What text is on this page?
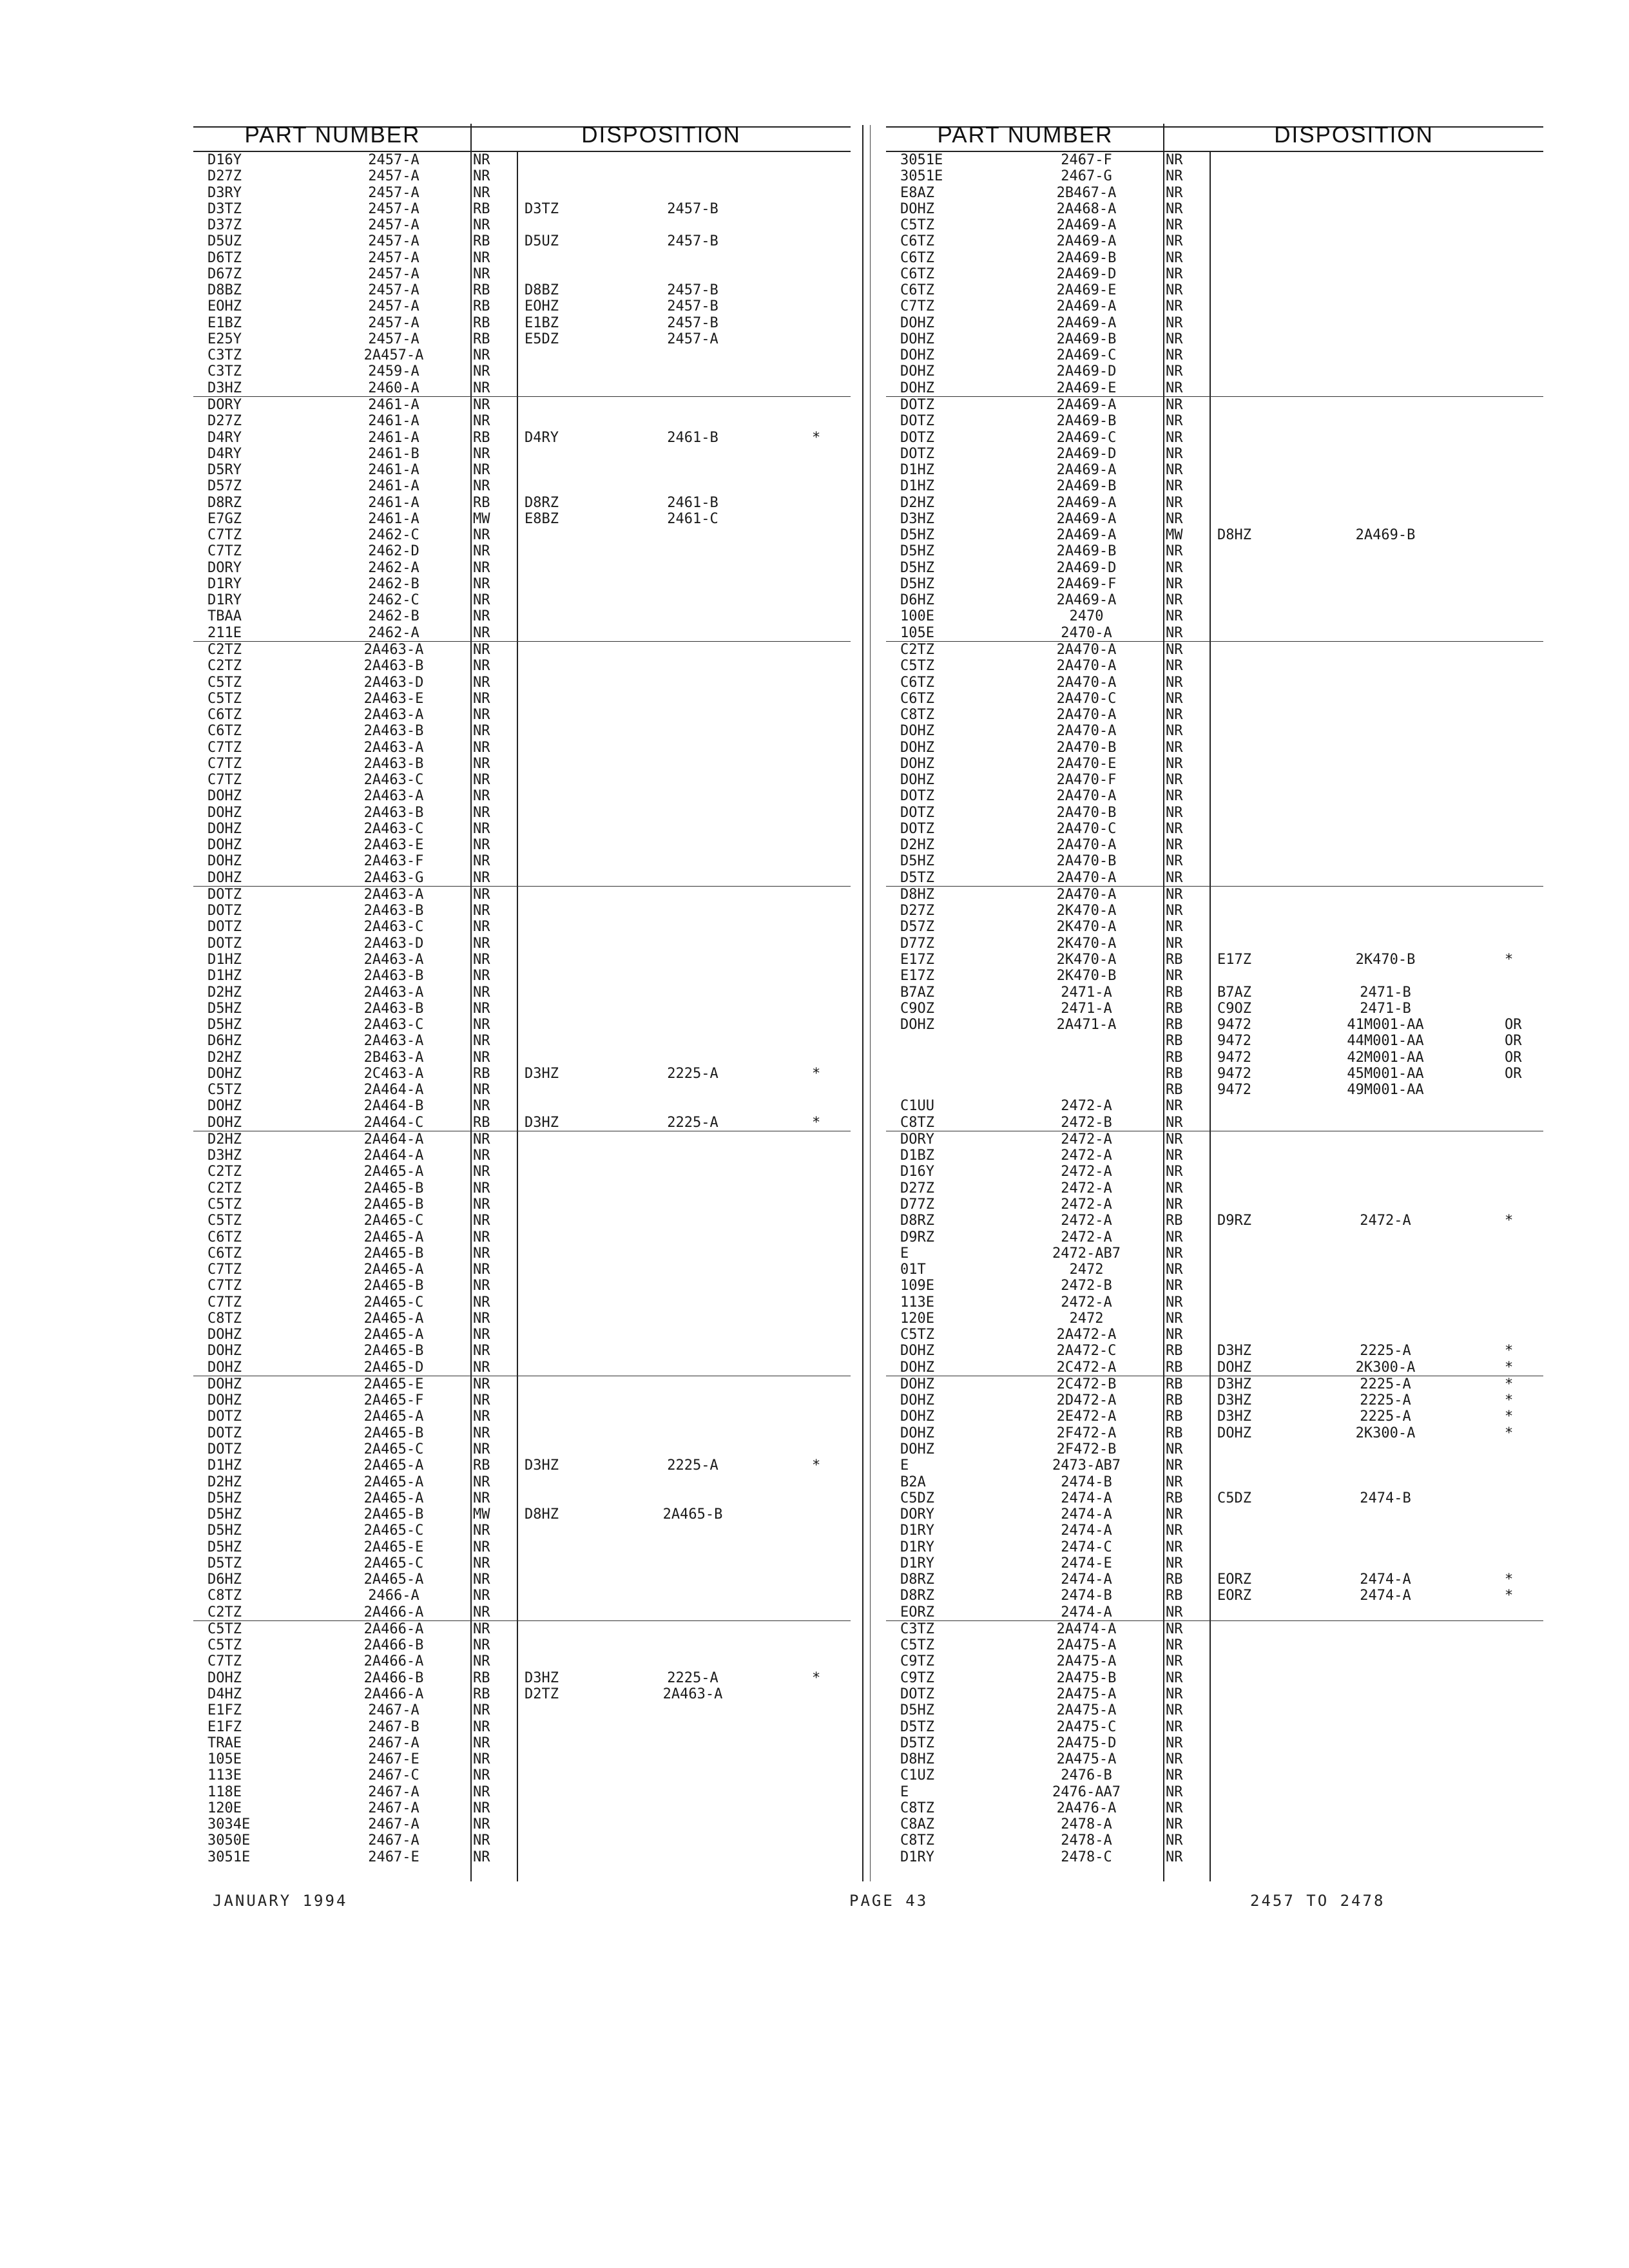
PART NUMBER	DISPOSITION
D16Y	2457-A	NR
D27Z	2457-A	NR
D3RY	2457-A	NR
D3TZ	2457-A	RB D3TZ	2457-B
D37Z	2457-A	NR
D5UZ	2457-A	RB D5UZ	2457-B
D6TZ	2457-A	NR
D67Z	2457-A	NR
D8BZ	2457-A	RB D8BZ	2457-B
EOHZ	2457-A	RB EOHZ	2457-B
E1BZ	2457-A	RB E1BZ	2457-B
E25Y	2457-A	RB E5DZ	2457-A
C3TZ	2A457-A	NR
C3TZ	2459-A	NR
D3HZ	2460-A	NR
DORY	2461-A	NR
D27Z	2461-A	NR
D4RY	2461-A	RB D4RY	2461-B	*
D4RY	2461-B	NR
D5RY	2461-A	NR
D57Z	2461-A	NR
D8RZ	2461-A	RB D8RZ	2461-B
E7GZ	2461-A	MW E8BZ	2461-C
C7TZ	2462-C	NR
C7TZ	2462-D	NR
DORY	2462-A	NR
D1RY	2462-B	NR
D1RY	2462-C	NR
TBAA	2462-B	NR
211E	2462-A	NR
C2TZ	2A463-A	NR
C2TZ	2A463-B	NR
C5TZ	2A463-D	NR
C5TZ	2A463-E	NR
C6TZ	2A463-A	NR
C6TZ	2A463-B	NR
C7TZ	2A463-A	NR
C7TZ	2A463-B	NR
C7TZ	2A463-C	NR
DOHZ	2A463-A	NR
DOHZ	2A463-B	NR
DOHZ	2A463-C	NR
DOHZ	2A463-E	NR
DOHZ	2A463-F	NR
DOHZ	2A463-G	NR
DOTZ	2A463-A	NR
DOTZ	2A463-B	NR
DOTZ	2A463-C	NR
DOTZ	2A463-D	NR
D1HZ	2A463-A	NR
D1HZ	2A463-B	NR
D2HZ	2A463-A	NR
D5HZ	2A463-B	NR
D5HZ	2A463-C	NR
D6HZ	2A463-A	NR
D2HZ	2B463-A	NR
DOHZ	2C463-A	RB D3HZ	2225-A	*
C5TZ	2A464-A	NR
DOHZ	2A464-B	NR
DOHZ	2A464-C	RB D3HZ	2225-A	*
D2HZ	2A464-A	NR
D3HZ	2A464-A	NR
C2TZ	2A465-A	NR
C2TZ	2A465-B	NR
C5TZ	2A465-B	NR
C5TZ	2A465-C	NR
C6TZ	2A465-A	NR
C6TZ	2A465-B	NR
C7TZ	2A465-A	NR
C7TZ	2A465-B	NR
C7TZ	2A465-C	NR
C8TZ	2A465-A	NR
DOHZ	2A465-A	NR
DOHZ	2A465-B	NR
DOHZ	2A465-D	NR
DOHZ	2A465-E	NR
DOHZ	2A465-F	NR
DOTZ	2A465-A	NR
DOTZ	2A465-B	NR
DOTZ	2A465-C	NR
D1HZ	2A465-A	RB D3HZ	2225-A	*
D2HZ	2A465-A	NR
D5HZ	2A465-A	NR
D5HZ	2A465-B	MW D8HZ	2A465-B
D5HZ	2A465-C	NR
D5HZ	2A465-E	NR
D5TZ	2A465-C	NR
D6HZ	2A465-A	NR
C8TZ	2466-A	NR
C2TZ	2A466-A	NR
C5TZ	2A466-A	NR
C5TZ	2A466-B	NR
C7TZ	2A466-A	NR
DOHZ	2A466-B	RB D3HZ	2225-A	*
D4HZ	2A466-A	RB D2TZ	2A463-A
E1FZ	2467-A	NR
E1FZ	2467-B	NR
TRAE	2467-A	NR
105E	2467-E	NR
113E	2467-C	NR
118E	2467-A	NR
120E	2467-A	NR
3034E	2467-A	NR
3050E	2467-A	NR
3051E	2467-E	NR
PART NUMBER	DISPOSITION
3051E	2467-F	NR
3051E	2467-G	NR
E8AZ	2B467-A	NR
DOHZ	2A468-A	NR
C5TZ	2A469-A	NR
C6TZ	2A469-A	NR
C6TZ	2A469-B	NR
C6TZ	2A469-D	NR
C6TZ	2A469-E	NR
C7TZ	2A469-A	NR
DOHZ	2A469-A	NR
DOHZ	2A469-B	NR
DOHZ	2A469-C	NR
DOHZ	2A469-D	NR
DOHZ	2A469-E	NR
DOTZ	2A469-A	NR
DOTZ	2A469-B	NR
DOTZ	2A469-C	NR
DOTZ	2A469-D	NR
D1HZ	2A469-A	NR
D1HZ	2A469-B	NR
D2HZ	2A469-A	NR
D3HZ	2A469-A	NR
D5HZ	2A469-A	MW D8HZ	2A469-B
D5HZ	2A469-B	NR
D5HZ	2A469-D	NR
D5HZ	2A469-F	NR
D6HZ	2A469-A	NR
100E	2470	NR
105E	2470-A	NR
C2TZ	2A470-A	NR
C5TZ	2A470-A	NR
C6TZ	2A470-A	NR
C6TZ	2A470-C	NR
C8TZ	2A470-A	NR
DOHZ	2A470-A	NR
DOHZ	2A470-B	NR
DOHZ	2A470-E	NR
DOHZ	2A470-F	NR
DOTZ	2A470-A	NR
DOTZ	2A470-B	NR
DOTZ	2A470-C	NR
D2HZ	2A470-A	NR
D5HZ	2A470-B	NR
D5TZ	2A470-A	NR
D8HZ	2A470-A	NR
D27Z	2K470-A	NR
D57Z	2K470-A	NR
D77Z	2K470-A	NR
E17Z	2K470-A	RB E17Z	2K470-B	*
E17Z	2K470-B	NR
B7AZ	2471-A	RB B7AZ	2471-B
C9OZ	2471-A	RB C9OZ	2471-B
DOHZ	2A471-A	RB 9472	41M001-AA	OR
RB 9472	44M001-AA	OR
RB 9472	42M001-AA	OR
RB 9472	45M001-AA	OR
RB 9472	49M001-AA
C1UU	2472-A	NR
C8TZ	2472-B	NR
DORY	2472-A	NR
D1BZ	2472-A	NR
D16Y	2472-A	NR
D27Z	2472-A	NR
D77Z	2472-A	NR
D8RZ	2472-A	RB D9RZ	2472-A	*
D9RZ	2472-A	NR
E	2472-AB7	NR
01T	2472	NR
109E	2472-B	NR
113E	2472-A	NR
120E	2472	NR
C5TZ	2A472-A	NR
DOHZ	2A472-C	RB D3HZ	2225-A	*
DOHZ	2C472-A	RB DOHZ	2K300-A	*
DOHZ	2C472-B	RB D3HZ	2225-A	*
DOHZ	2D472-A	RB D3HZ	2225-A	*
DOHZ	2E472-A	RB D3HZ	2225-A	*
DOHZ	2F472-A	RB DOHZ	2K300-A	*
DOHZ	2F472-B	NR
E	2473-AB7	NR
B2A	2474-B	NR
C5DZ	2474-A	RB C5DZ	2474-B
DORY	2474-A	NR
D1RY	2474-A	NR
D1RY	2474-C	NR
D1RY	2474-E	NR
D8RZ	2474-A	RB EORZ	2474-A	*
D8RZ	2474-B	RB EORZ	2474-A	*
EORZ	2474-A	NR
C3TZ	2A474-A	NR
C5TZ	2A475-A	NR
C9TZ	2A475-A	NR
C9TZ	2A475-B	NR
DOTZ	2A475-A	NR
D5HZ	2A475-A	NR
D5TZ	2A475-C	NR
D5TZ	2A475-D	NR
D8HZ	2A475-A	NR
C1UZ	2476-B	NR
E	2476-AA7	NR
C8TZ	2A476-A	NR
C8AZ	2478-A	NR
C8TZ	2478-A	NR
D1RY	2478-C	NR
JANUARY 1994	PAGE 43	2457 TO 2478
